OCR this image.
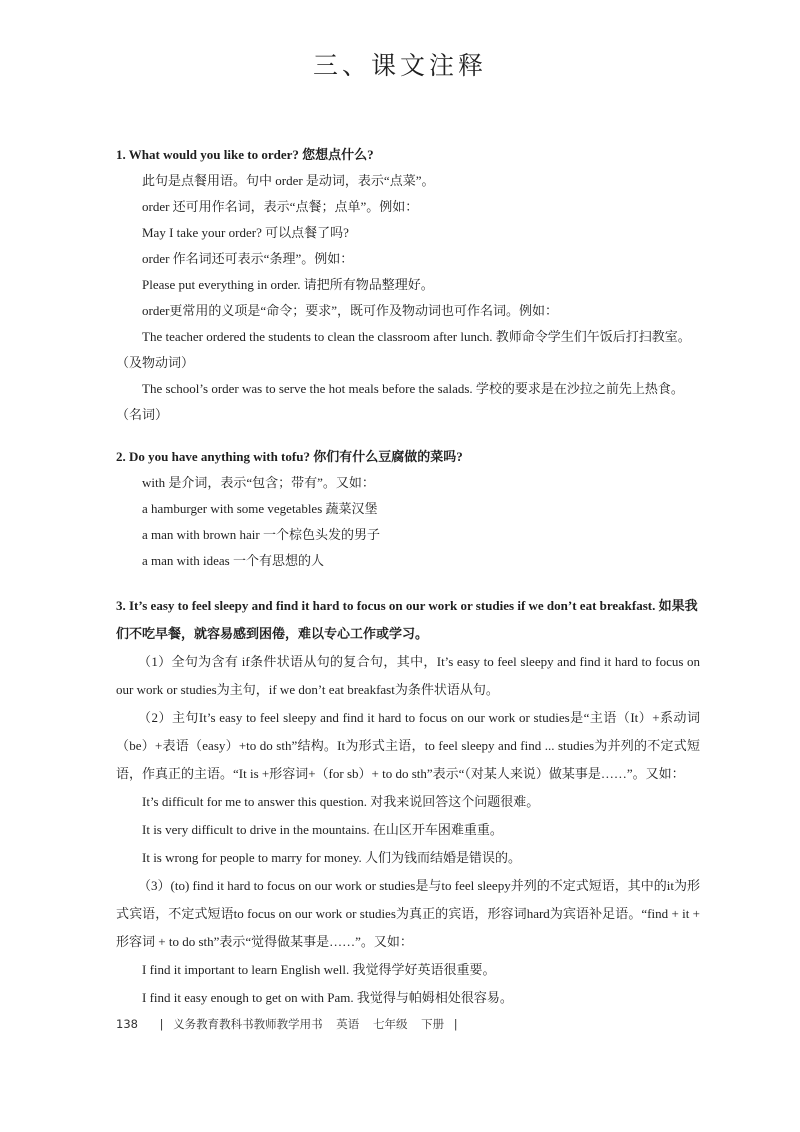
三、课文注释

1. What would you like to order? 您想点什么?

此句是点餐用语。句中 order 是动词，表示“点菜”。

order 还可用作名词，表示“点餐；点单”。例如：

May I take your order? 可以点餐了吗?

order 作名词还可表示“条理”。例如：

Please put everything in order. 请把所有物品整理好。

order更常用的义项是“命令；要求”，既可作及物动词也可作名词。例如：

The teacher ordered the students to clean the classroom after lunch. 教师命令学生们午饭后打扫教室。

（及物动词）

The school’s order was to serve the hot meals before the salads. 学校的要求是在沙拉之前先上热食。

（名词）

2. Do you have anything with tofu? 你们有什么豆腐做的菜吗?

with 是介词，表示“包含；带有”。又如：

a hamburger with some vegetables 蔬菜汉堡

a man with brown hair 一个棕色头发的男子

a man with ideas 一个有思想的人

3. It’s easy to feel sleepy and find it hard to focus on our work or studies if we don’t eat breakfast. 如果我们不吃早餐，就容易感到困倦，难以专心工作或学习。

（1）全句为含有 if条件状语从句的复合句，其中，It’s easy to feel sleepy and find it hard to focus on our work or studies为主句，if we don’t eat breakfast为条件状语从句。

（2）主句It’s easy to feel sleepy and find it hard to focus on our work or studies是“主语（It）+系动词（be）+表语（easy）+to do sth”结构。It为形式主语，to feel sleepy and find ... studies为并列的不定式短语，作真正的主语。“It is +形容词+（for sb）+ to do sth”表示“（对某人来说）做某事是……”。又如：

It’s difficult for me to answer this question. 对我来说回答这个问题很难。

It is very difficult to drive in the mountains. 在山区开车困难重重。

It is wrong for people to marry for money. 人们为钱而结婚是错误的。

（3）(to) find it hard to focus on our work or studies是与to feel sleepy并列的不定式短语，其中的it为形式宾语，不定式短语to focus on our work or studies为真正的宾语，形容词hard为宾语补足语。“find + it + 形容词 + to do sth”表示“觉得做某事是……”。又如：

I find it important to learn English well. 我觉得学好英语很重要。

I find it easy enough to get on with Pam. 我觉得与帕姆相处很容易。

138 | 义务教育教科书教师教学用书 英语 七年级 下册 |
